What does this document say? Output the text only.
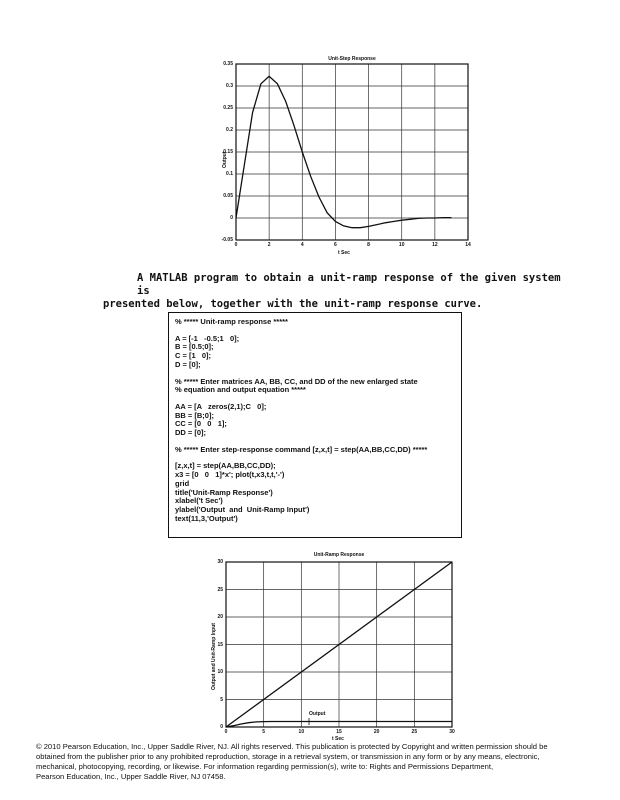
Unit-Step Response
Output
t Sec
0.35
0.3
0.25
0.2
0.15
0.1
0.05
0
-0.05
0	2	4	6	8	10	12	14
A MATLAB program to obtain a unit-ramp response of the given system is
presented below, together with the unit-ramp response curve.
% ***** Unit-ramp response *****
A = [-1   -0.5;1   0];
B = [0.5;0];
C = [1   0];
D = [0];
% ***** Enter matrices AA, BB, CC, and DD of the new enlarged state
% equation and output equation *****
AA = [A   zeros(2,1);C   0];
BB = [B;0];
CC = [0   0   1];
DD = [0];
% ***** Enter step-response command [z,x,t] = step(AA,BB,CC,DD) *****
[z,x,t] = step(AA,BB,CC,DD);
x3 = [0   0   1]*x'; plot(t,x3,t,t,'-')
grid
title('Unit-Ramp Response')
xlabel('t Sec')
ylabel('Output  and  Unit-Ramp Input')
text(11,3,'Output')
Unit-Ramp Response
Output and Unit-Ramp Input
t Sec
Output
30
25
20
15
10
5
0
0	5	10	15	20	25	30
© 2010 Pearson Education, Inc., Upper Saddle River, NJ. All rights reserved. This publication is protected by Copyright and written permission should be
obtained from the publisher prior to any prohibited reproduction, storage in a retrieval system, or transmission in any form or by any means, electronic,
mechanical, photocopying, recording, or likewise. For information regarding permission(s), write to: Rights and Permissions Department,
Pearson Education, Inc., Upper Saddle River, NJ 07458.
